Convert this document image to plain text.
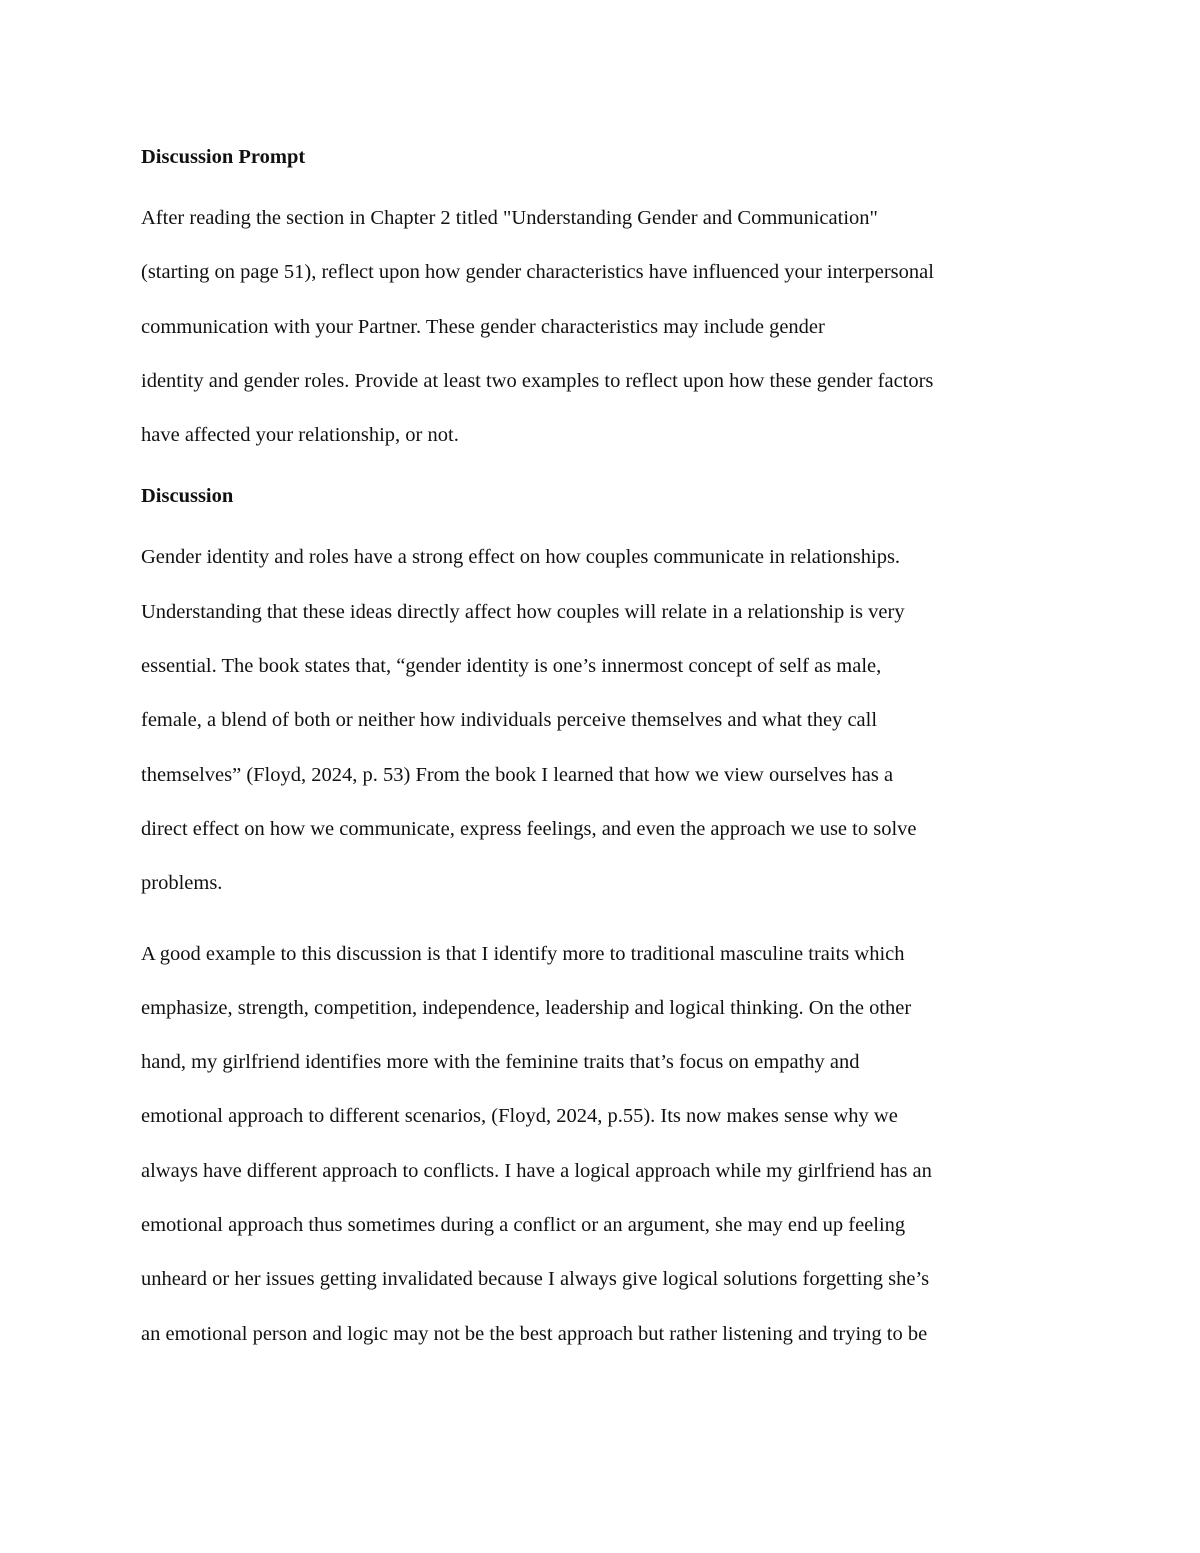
Discussion Prompt
After reading the section in Chapter 2 titled "Understanding Gender and Communication"
(starting on page 51), reflect upon how gender characteristics have influenced your interpersonal
communication with your Partner. These gender characteristics may include gender
identity and gender roles. Provide at least two examples to reflect upon how these gender factors
have affected your relationship, or not.
Discussion
Gender identity and roles have a strong effect on how couples communicate in relationships.
Understanding that these ideas directly affect how couples will relate in a relationship is very
essential. The book states that, “gender identity is one’s innermost concept of self as male,
female, a blend of both or neither how individuals perceive themselves and what they call
themselves” (Floyd, 2024, p. 53) From the book I learned that how we view ourselves has a
direct effect on how we communicate, express feelings, and even the approach we use to solve
problems.
A good example to this discussion is that I identify more to traditional masculine traits which
emphasize, strength, competition, independence, leadership and logical thinking. On the other
hand, my girlfriend identifies more with the feminine traits that’s focus on empathy and
emotional approach to different scenarios, (Floyd, 2024, p.55). Its now makes sense why we
always have different approach to conflicts. I have a logical approach while my girlfriend has an
emotional approach thus sometimes during a conflict or an argument, she may end up feeling
unheard or her issues getting invalidated because I always give logical solutions forgetting she’s
an emotional person and logic may not be the best approach but rather listening and trying to be
